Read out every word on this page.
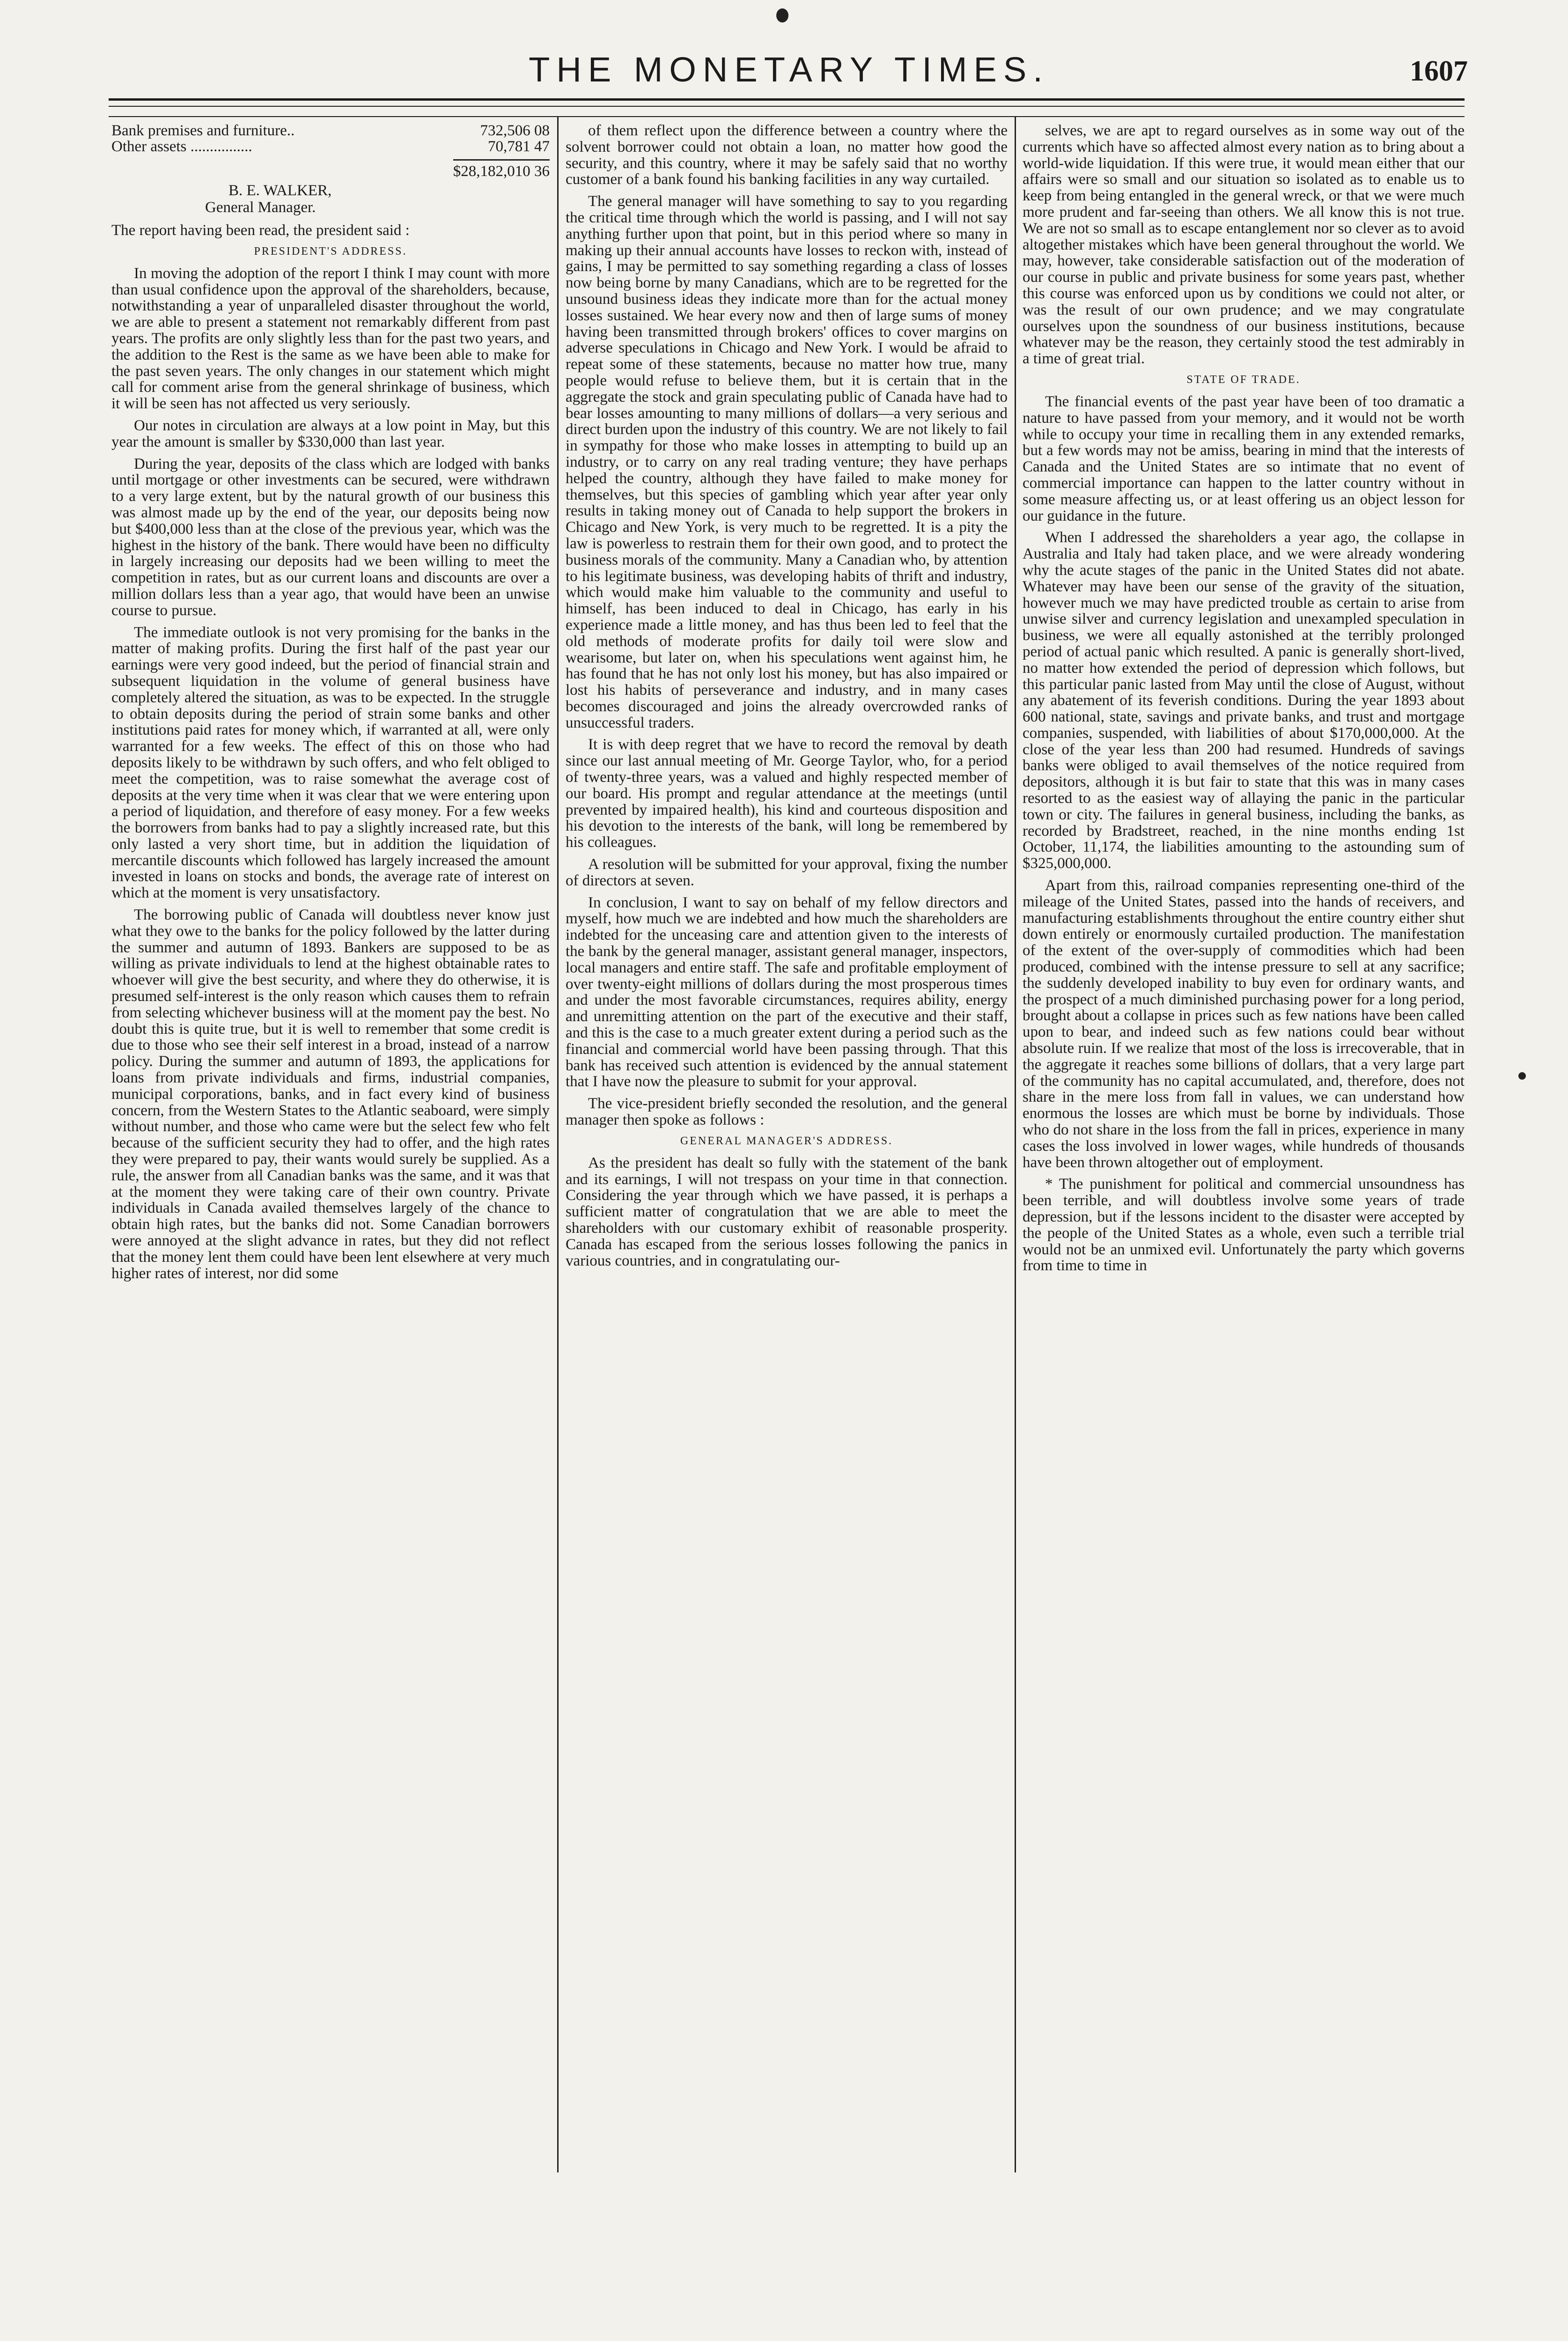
THE MONETARY TIMES.	1607
Bank premises and furniture..	732,506 08
Other assets ................	70,781 47
	$28,182,010 36
B. E. WALKER,
General Manager.

The report having been read, the president said :

PRESIDENT'S ADDRESS.

In moving the adoption of the report I think I may count with more than usual confidence upon the approval of the shareholders, because, notwithstanding a year of unparalleled disaster throughout the world, we are able to present a statement not remarkably different from past years. The profits are only slightly less than for the past two years, and the addition to the Rest is the same as we have been able to make for the past seven years. The only changes in our statement which might call for comment arise from the general shrinkage of business, which it will be seen has not affected us very seriously.

Our notes in circulation are always at a low point in May, but this year the amount is smaller by $330,000 than last year.

During the year, deposits of the class which are lodged with banks until mortgage or other investments can be secured, were withdrawn to a very large extent, but by the natural growth of our business this was almost made up by the end of the year, our deposits being now but $400,000 less than at the close of the previous year, which was the highest in the history of the bank. There would have been no difficulty in largely increasing our deposits had we been willing to meet the competition in rates, but as our current loans and discounts are over a million dollars less than a year ago, that would have been an unwise course to pursue.

The immediate outlook is not very promising for the banks in the matter of making profits. During the first half of the past year our earnings were very good indeed, but the period of financial strain and subsequent liquidation in the volume of general business have completely altered the situation, as was to be expected. In the struggle to obtain deposits during the period of strain some banks and other institutions paid rates for money which, if warranted at all, were only warranted for a few weeks. The effect of this on those who had deposits likely to be withdrawn by such offers, and who felt obliged to meet the competition, was to raise somewhat the average cost of deposits at the very time when it was clear that we were entering upon a period of liquidation, and therefore of easy money. For a few weeks the borrowers from banks had to pay a slightly increased rate, but this only lasted a very short time, but in addition the liquidation of mercantile discounts which followed has largely increased the amount invested in loans on stocks and bonds, the average rate of interest on which at the moment is very unsatisfactory.

The borrowing public of Canada will doubtless never know just what they owe to the banks for the policy followed by the latter during the summer and autumn of 1893. Bankers are supposed to be as willing as private individuals to lend at the highest obtainable rates to whoever will give the best security, and where they do otherwise, it is presumed self-interest is the only reason which causes them to refrain from selecting whichever business will at the moment pay the best. No doubt this is quite true, but it is well to remember that some credit is due to those who see their self interest in a broad, instead of a narrow policy. During the summer and autumn of 1893, the applications for loans from private individuals and firms, industrial companies, municipal corporations, banks, and in fact every kind of business concern, from the Western States to the Atlantic seaboard, were simply without number, and those who came were but the select few who felt because of the sufficient security they had to offer, and the high rates they were prepared to pay, their wants would surely be supplied. As a rule, the answer from all Canadian banks was the same, and it was that at the moment they were taking care of their own country. Private individuals in Canada availed themselves largely of the chance to obtain high rates, but the banks did not. Some Canadian borrowers were annoyed at the slight advance in rates, but they did not reflect that the money lent them could have been lent elsewhere at very much higher rates of interest, nor did some

of them reflect upon the difference between a country where the solvent borrower could not obtain a loan, no matter how good the security, and this country, where it may be safely said that no worthy customer of a bank found his banking facilities in any way curtailed.

The general manager will have something to say to you regarding the critical time through which the world is passing, and I will not say anything further upon that point, but in this period where so many in making up their annual accounts have losses to reckon with, instead of gains, I may be permitted to say something regarding a class of losses now being borne by many Canadians, which are to be regretted for the unsound business ideas they indicate more than for the actual money losses sustained. We hear every now and then of large sums of money having been transmitted through brokers' offices to cover margins on adverse speculations in Chicago and New York. I would be afraid to repeat some of these statements, because no matter how true, many people would refuse to believe them, but it is certain that in the aggregate the stock and grain speculating public of Canada have had to bear losses amounting to many millions of dollars—a very serious and direct burden upon the industry of this country. We are not likely to fail in sympathy for those who make losses in attempting to build up an industry, or to carry on any real trading venture; they have perhaps helped the country, although they have failed to make money for themselves, but this species of gambling which year after year only results in taking money out of Canada to help support the brokers in Chicago and New York, is very much to be regretted. It is a pity the law is powerless to restrain them for their own good, and to protect the business morals of the community. Many a Canadian who, by attention to his legitimate business, was developing habits of thrift and industry, which would make him valuable to the community and useful to himself, has been induced to deal in Chicago, has early in his experience made a little money, and has thus been led to feel that the old methods of moderate profits for daily toil were slow and wearisome, but later on, when his speculations went against him, he has found that he has not only lost his money, but has also impaired or lost his habits of perseverance and industry, and in many cases becomes discouraged and joins the already overcrowded ranks of unsuccessful traders.

It is with deep regret that we have to record the removal by death since our last annual meeting of Mr. George Taylor, who, for a period of twenty-three years, was a valued and highly respected member of our board. His prompt and regular attendance at the meetings (until prevented by impaired health), his kind and courteous disposition and his devotion to the interests of the bank, will long be remembered by his colleagues.

A resolution will be submitted for your approval, fixing the number of directors at seven.

In conclusion, I want to say on behalf of my fellow directors and myself, how much we are indebted and how much the shareholders are indebted for the unceasing care and attention given to the interests of the bank by the general manager, assistant general manager, inspectors, local managers and entire staff. The safe and profitable employment of over twenty-eight millions of dollars during the most prosperous times and under the most favorable circumstances, requires ability, energy and unremitting attention on the part of the executive and their staff, and this is the case to a much greater extent during a period such as the financial and commercial world have been passing through. That this bank has received such attention is evidenced by the annual statement that I have now the pleasure to submit for your approval.

The vice-president briefly seconded the resolution, and the general manager then spoke as follows :

GENERAL MANAGER'S ADDRESS.

As the president has dealt so fully with the statement of the bank and its earnings, I will not trespass on your time in that connection. Considering the year through which we have passed, it is perhaps a sufficient matter of congratulation that we are able to meet the shareholders with our customary exhibit of reasonable prosperity. Canada has escaped from the serious losses following the panics in various countries, and in congratulating our-

selves, we are apt to regard ourselves as in some way out of the currents which have so affected almost every nation as to bring about a world-wide liquidation. If this were true, it would mean either that our affairs were so small and our situation so isolated as to enable us to keep from being entangled in the general wreck, or that we were much more prudent and far-seeing than others. We all know this is not true. We are not so small as to escape entanglement nor so clever as to avoid altogether mistakes which have been general throughout the world. We may, however, take considerable satisfaction out of the moderation of our course in public and private business for some years past, whether this course was enforced upon us by conditions we could not alter, or was the result of our own prudence; and we may congratulate ourselves upon the soundness of our business institutions, because whatever may be the reason, they certainly stood the test admirably in a time of great trial.

STATE OF TRADE.

The financial events of the past year have been of too dramatic a nature to have passed from your memory, and it would not be worth while to occupy your time in recalling them in any extended remarks, but a few words may not be amiss, bearing in mind that the interests of Canada and the United States are so intimate that no event of commercial importance can happen to the latter country without in some measure affecting us, or at least offering us an object lesson for our guidance in the future.

When I addressed the shareholders a year ago, the collapse in Australia and Italy had taken place, and we were already wondering why the acute stages of the panic in the United States did not abate. Whatever may have been our sense of the gravity of the situation, however much we may have predicted trouble as certain to arise from unwise silver and currency legislation and unexampled speculation in business, we were all equally astonished at the terribly prolonged period of actual panic which resulted. A panic is generally short-lived, no matter how extended the period of depression which follows, but this particular panic lasted from May until the close of August, without any abatement of its feverish conditions. During the year 1893 about 600 national, state, savings and private banks, and trust and mortgage companies, suspended, with liabilities of about $170,000,000. At the close of the year less than 200 had resumed. Hundreds of savings banks were obliged to avail themselves of the notice required from depositors, although it is but fair to state that this was in many cases resorted to as the easiest way of allaying the panic in the particular town or city. The failures in general business, including the banks, as recorded by Bradstreet, reached, in the nine months ending 1st October, 11,174, the liabilities amounting to the astounding sum of $325,000,000.

Apart from this, railroad companies representing one-third of the mileage of the United States, passed into the hands of receivers, and manufacturing establishments throughout the entire country either shut down entirely or enormously curtailed production. The manifestation of the extent of the over-supply of commodities which had been produced, combined with the intense pressure to sell at any sacrifice; the suddenly developed inability to buy even for ordinary wants, and the prospect of a much diminished purchasing power for a long period, brought about a collapse in prices such as few nations have been called upon to bear, and indeed such as few nations could bear without absolute ruin. If we realize that most of the loss is irrecoverable, that in the aggregate it reaches some billions of dollars, that a very large part of the community has no capital accumulated, and, therefore, does not share in the mere loss from fall in values, we can understand how enormous the losses are which must be borne by individuals. Those who do not share in the loss from the fall in prices, experience in many cases the loss involved in lower wages, while hundreds of thousands have been thrown altogether out of employment.

* The punishment for political and commercial unsoundness has been terrible, and will doubtless involve some years of trade depression, but if the lessons incident to the disaster were accepted by the people of the United States as a whole, even such a terrible trial would not be an unmixed evil. Unfortunately the party which governs from time to time in
